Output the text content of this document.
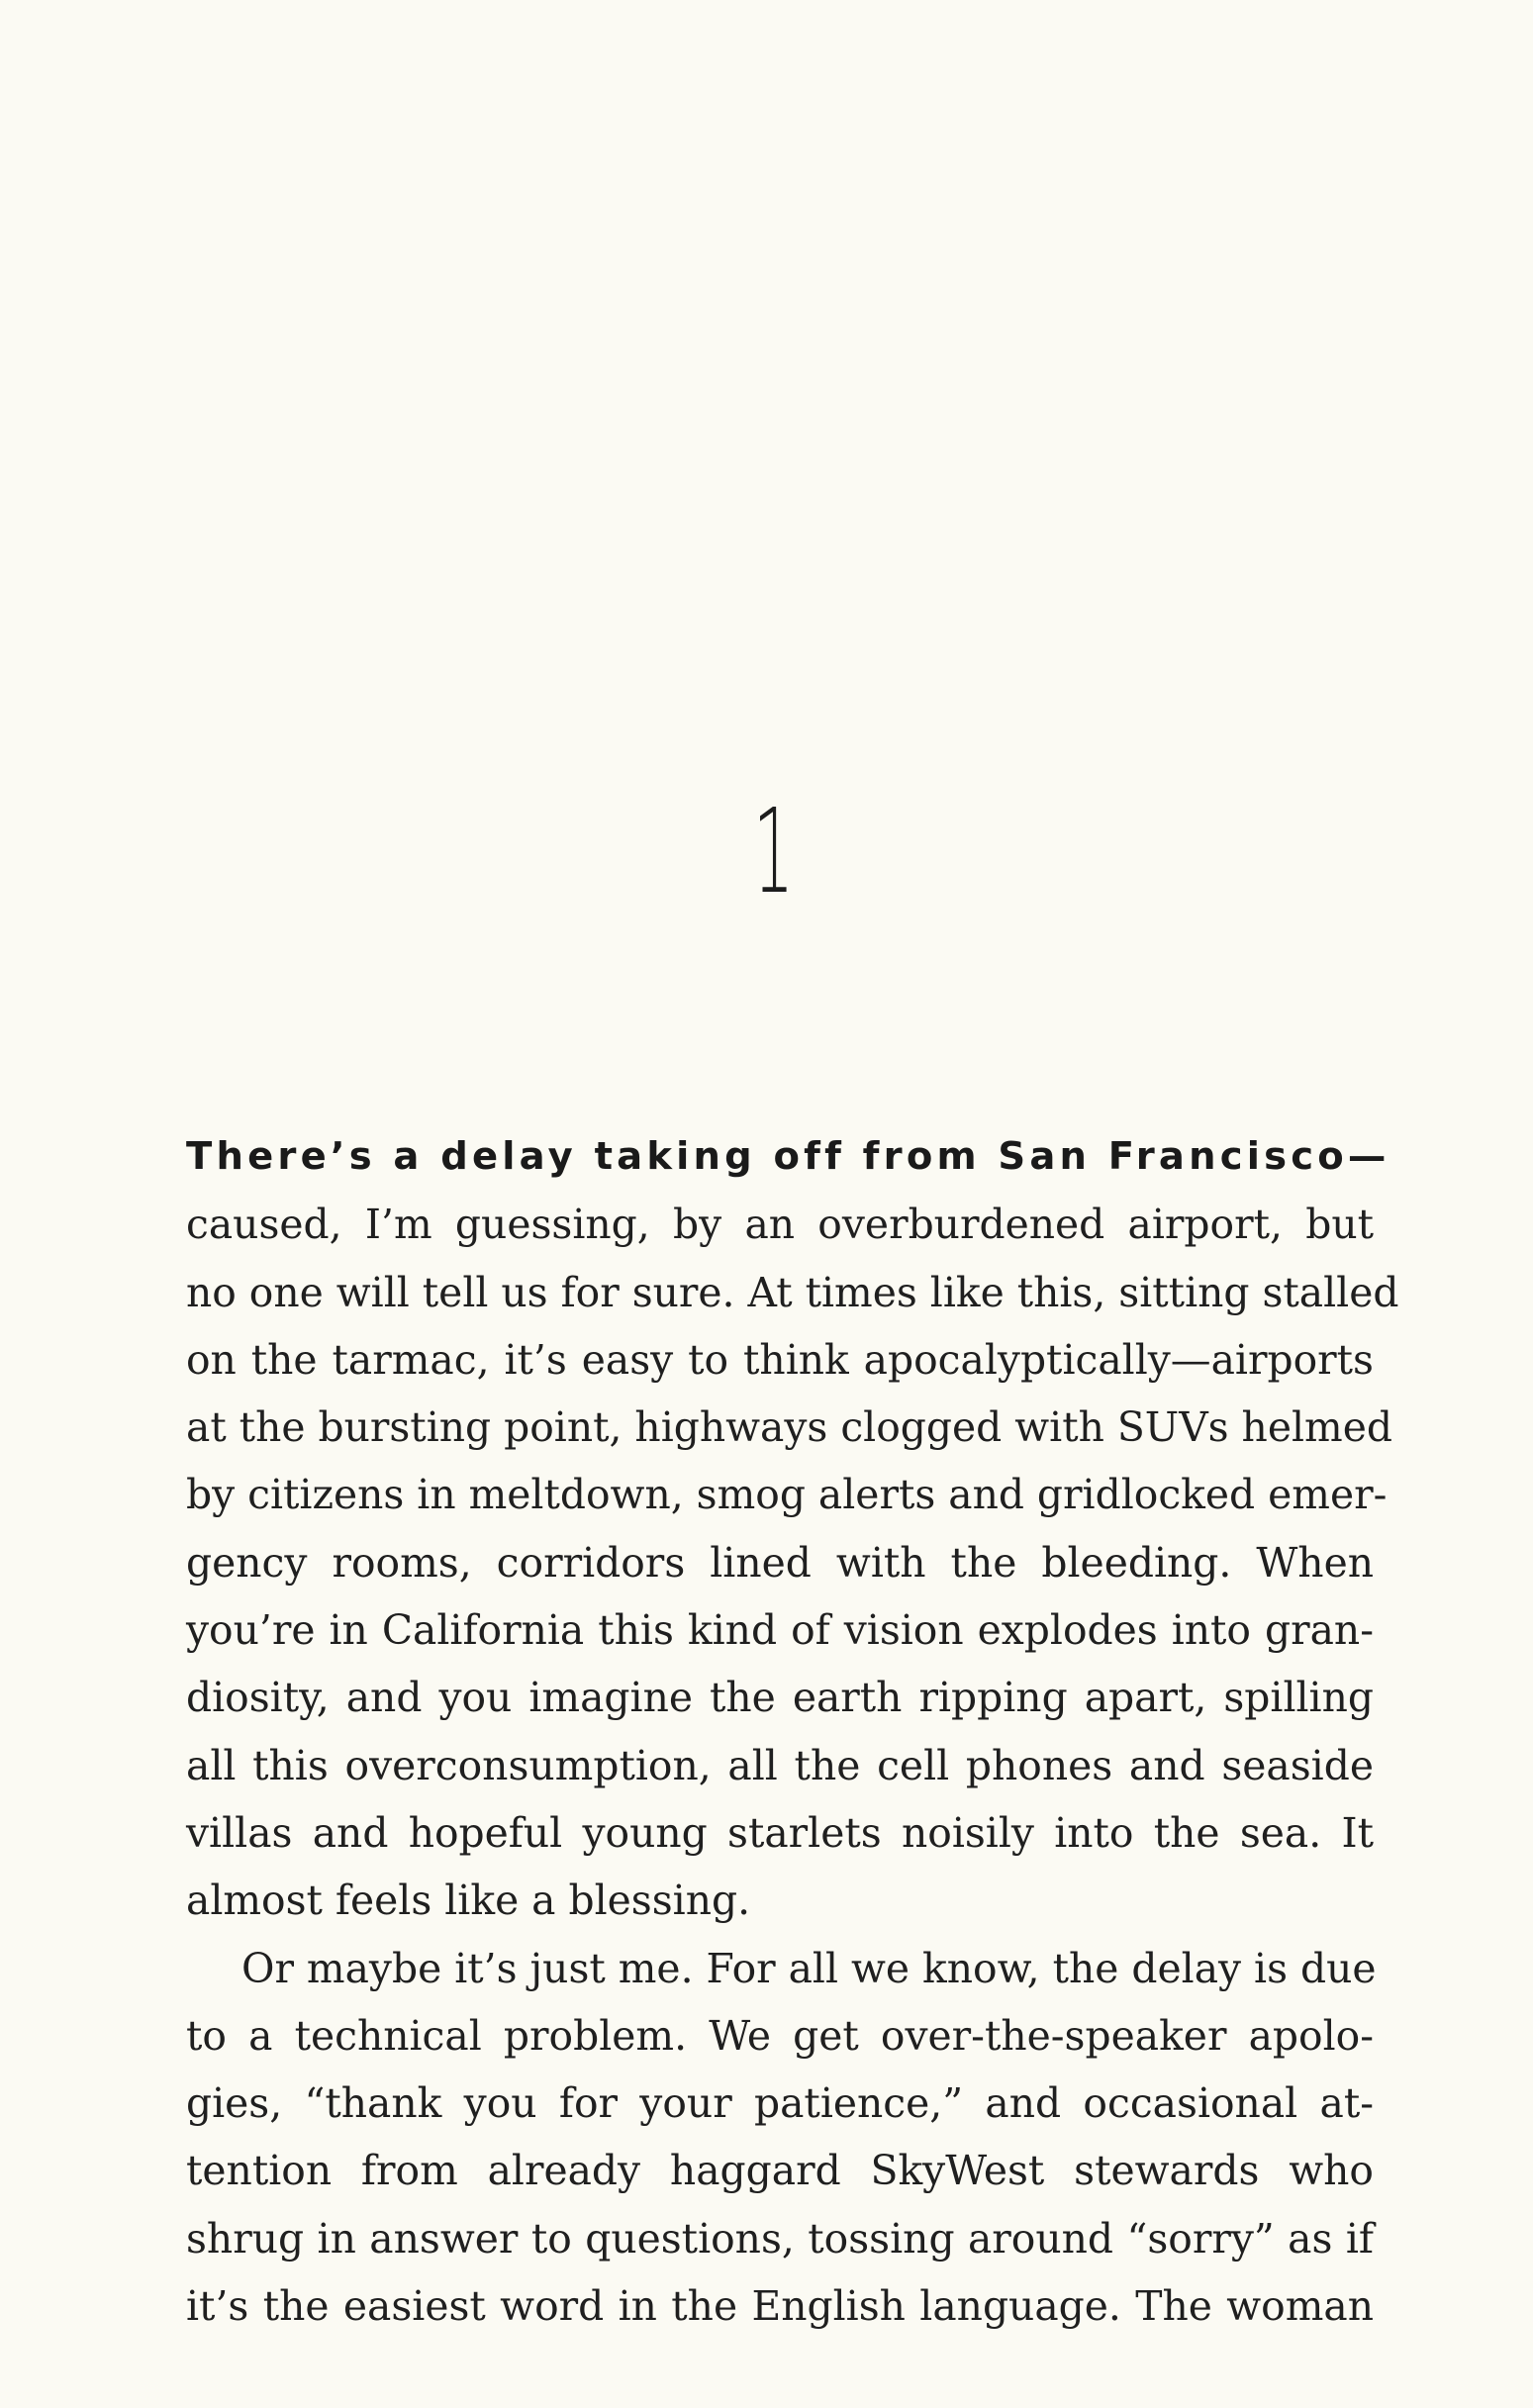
1
There’s a delay taking off from San Francisco—
caused, I’m guessing, by an overburdened airport, but
no one will tell us for sure. At times like this, sitting stalled
on the tarmac, it’s easy to think apocalyptically—airports
at the bursting point, highways clogged with SUVs helmed
by citizens in meltdown, smog alerts and gridlocked emer-
gency rooms, corridors lined with the bleeding. When
you’re in California this kind of vision explodes into gran-
diosity, and you imagine the earth ripping apart, spilling
all this overconsumption, all the cell phones and seaside
villas and hopeful young starlets noisily into the sea. It
almost feels like a blessing.
Or maybe it’s just me. For all we know, the delay is due
to a technical problem. We get over-the-speaker apolo-
gies, “thank you for your patience,” and occasional at-
tention from already haggard SkyWest stewards who
shrug in answer to questions, tossing around “sorry” as if
it’s the easiest word in the English language. The woman
